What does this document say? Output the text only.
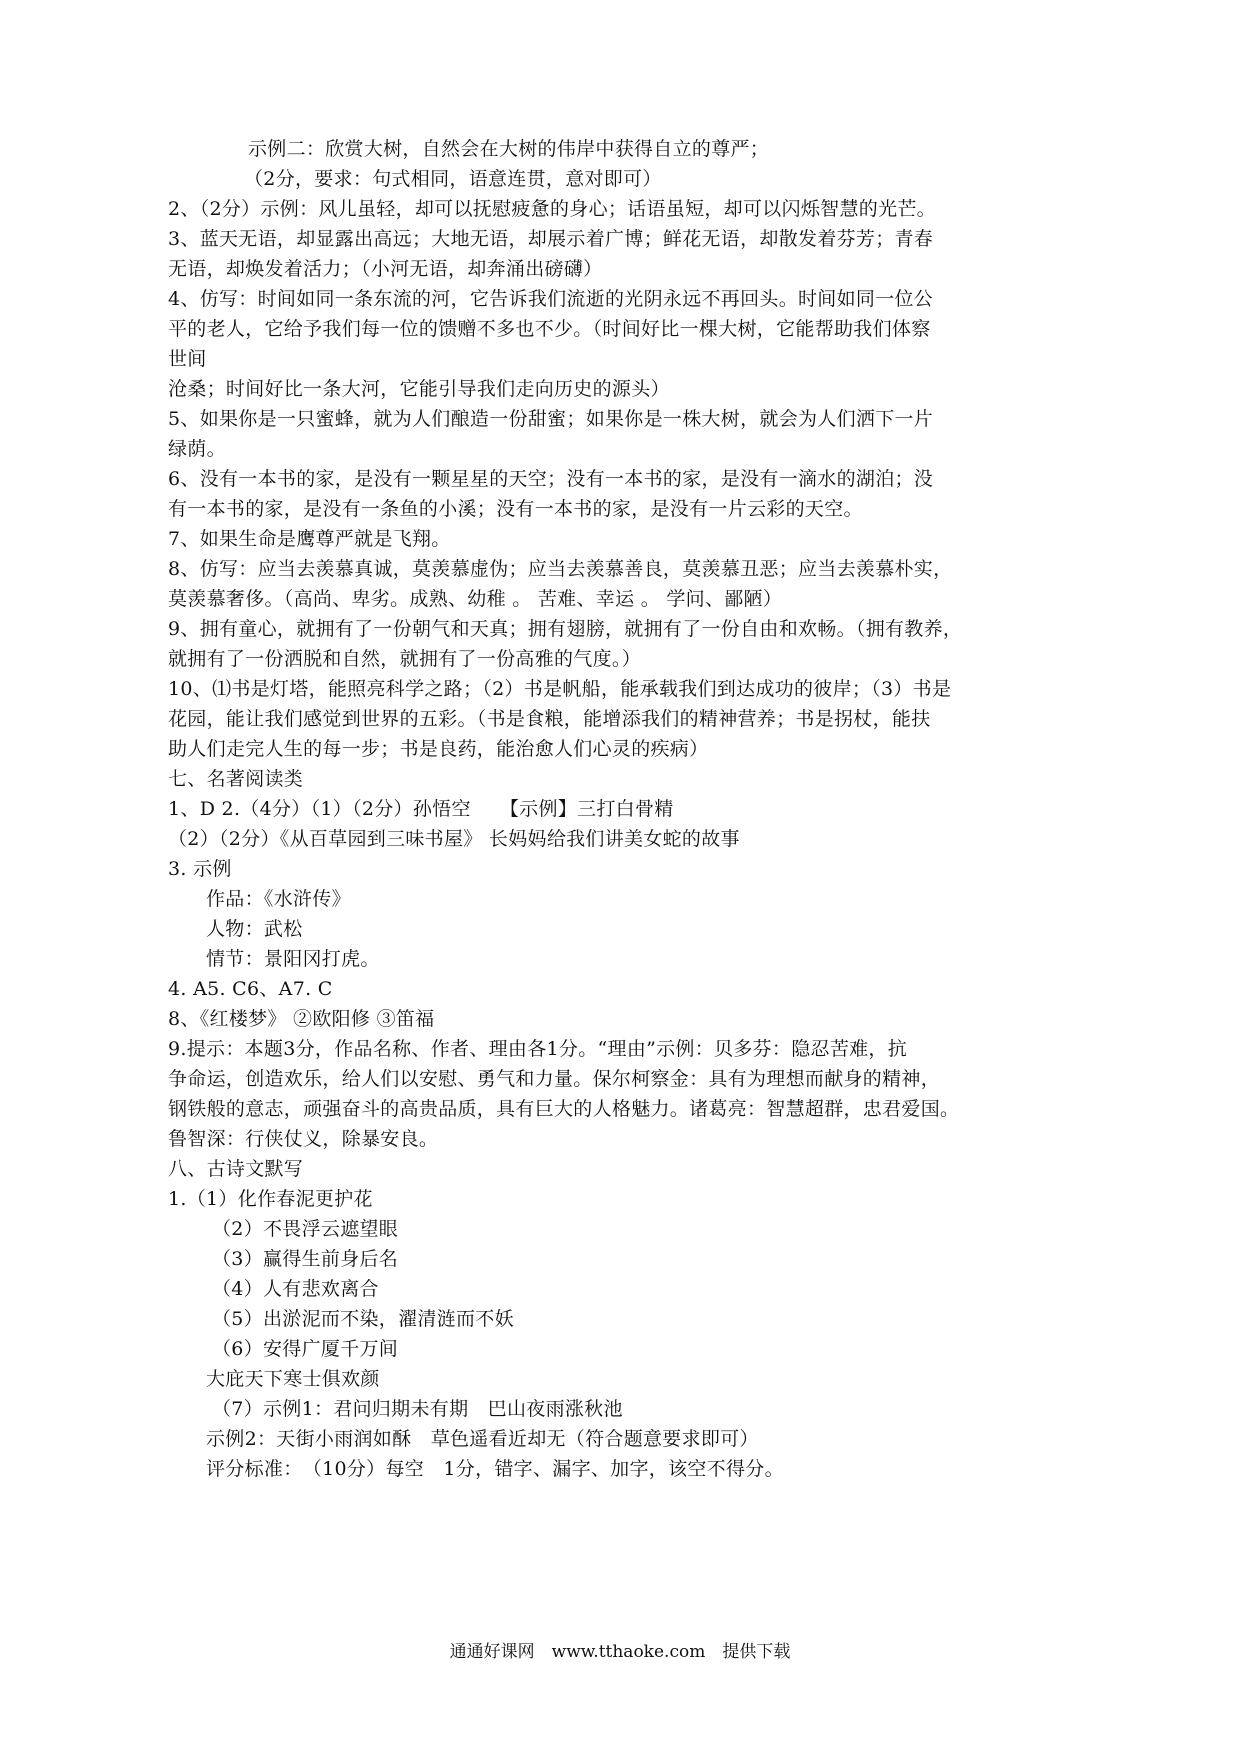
示例二：欣赏大树，自然会在大树的伟岸中获得自立的尊严；
（2分，要求：句式相同，语意连贯，意对即可）
2、（2分）示例：风儿虽轻，却可以抚慰疲惫的身心；话语虽短，却可以闪烁智慧的光芒。
3、蓝天无语，却显露出高远；大地无语，却展示着广博；鲜花无语，却散发着芬芳；青春
无语，却焕发着活力；（小河无语，却奔涌出磅礴）
4、仿写：时间如同一条东流的河，它告诉我们流逝的光阴永远不再回头。时间如同一位公
平的老人，它给予我们每一位的馈赠不多也不少。（时间好比一棵大树，它能帮助我们体察
世间
沧桑；时间好比一条大河，它能引导我们走向历史的源头）
5、如果你是一只蜜蜂，就为人们酿造一份甜蜜；如果你是一株大树，就会为人们洒下一片
绿荫。
6、没有一本书的家，是没有一颗星星的天空；没有一本书的家，是没有一滴水的湖泊；没
有一本书的家，是没有一条鱼的小溪；没有一本书的家，是没有一片云彩的天空。
7、如果生命是鹰尊严就是飞翔。
8、仿写：应当去羡慕真诚，莫羡慕虚伪；应当去羡慕善良，莫羡慕丑恶；应当去羡慕朴实，
莫羡慕奢侈。（高尚、卑劣。成熟、幼稚 。 苦难、幸运 。 学问、鄙陋）
9、拥有童心，就拥有了一份朝气和天真；拥有翅膀，就拥有了一份自由和欢畅。（拥有教养，
就拥有了一份洒脱和自然，就拥有了一份高雅的气度。）
10、⑴书是灯塔，能照亮科学之路；（2）书是帆船，能承载我们到达成功的彼岸；（3）书是
花园，能让我们感觉到世界的五彩。（书是食粮，能增添我们的精神营养；书是拐杖，能扶
助人们走完人生的每一步；书是良药，能治愈人们心灵的疾病）
七、名著阅读类
1、D 2.（4分）（1）（2分）孙悟空　　【示例】三打白骨精
（2）（2分）《从百草园到三味书屋》 长妈妈给我们讲美女蛇的故事
3. 示例
作品：《水浒传》
人物：武松
情节：景阳冈打虎。
4. A5. C6、A7. C
8、《红楼梦》 ②欧阳修 ③笛福
9.提示：本题3分，作品名称、作者、理由各1分。“理由”示例：贝多芬：隐忍苦难，抗
争命运，创造欢乐，给人们以安慰、勇气和力量。保尔柯察金：具有为理想而献身的精神，
钢铁般的意志，顽强奋斗的高贵品质，具有巨大的人格魅力。诸葛亮：智慧超群，忠君爱国。
鲁智深：行侠仗义，除暴安良。
八、古诗文默写
1.（1）化作春泥更护花
（2）不畏浮云遮望眼
（3）赢得生前身后名
（4）人有悲欢离合
（5）出淤泥而不染，濯清涟而不妖
（6）安得广厦千万间
大庇天下寒士俱欢颜
（7）示例1：君问归期未有期　巴山夜雨涨秋池
示例2：天街小雨润如酥　草色遥看近却无（符合题意要求即可）
评分标准：　（10分）每空　1分，错字、漏字、加字，该空不得分。
通通好课网　www.tthaoke.com　提供下载
